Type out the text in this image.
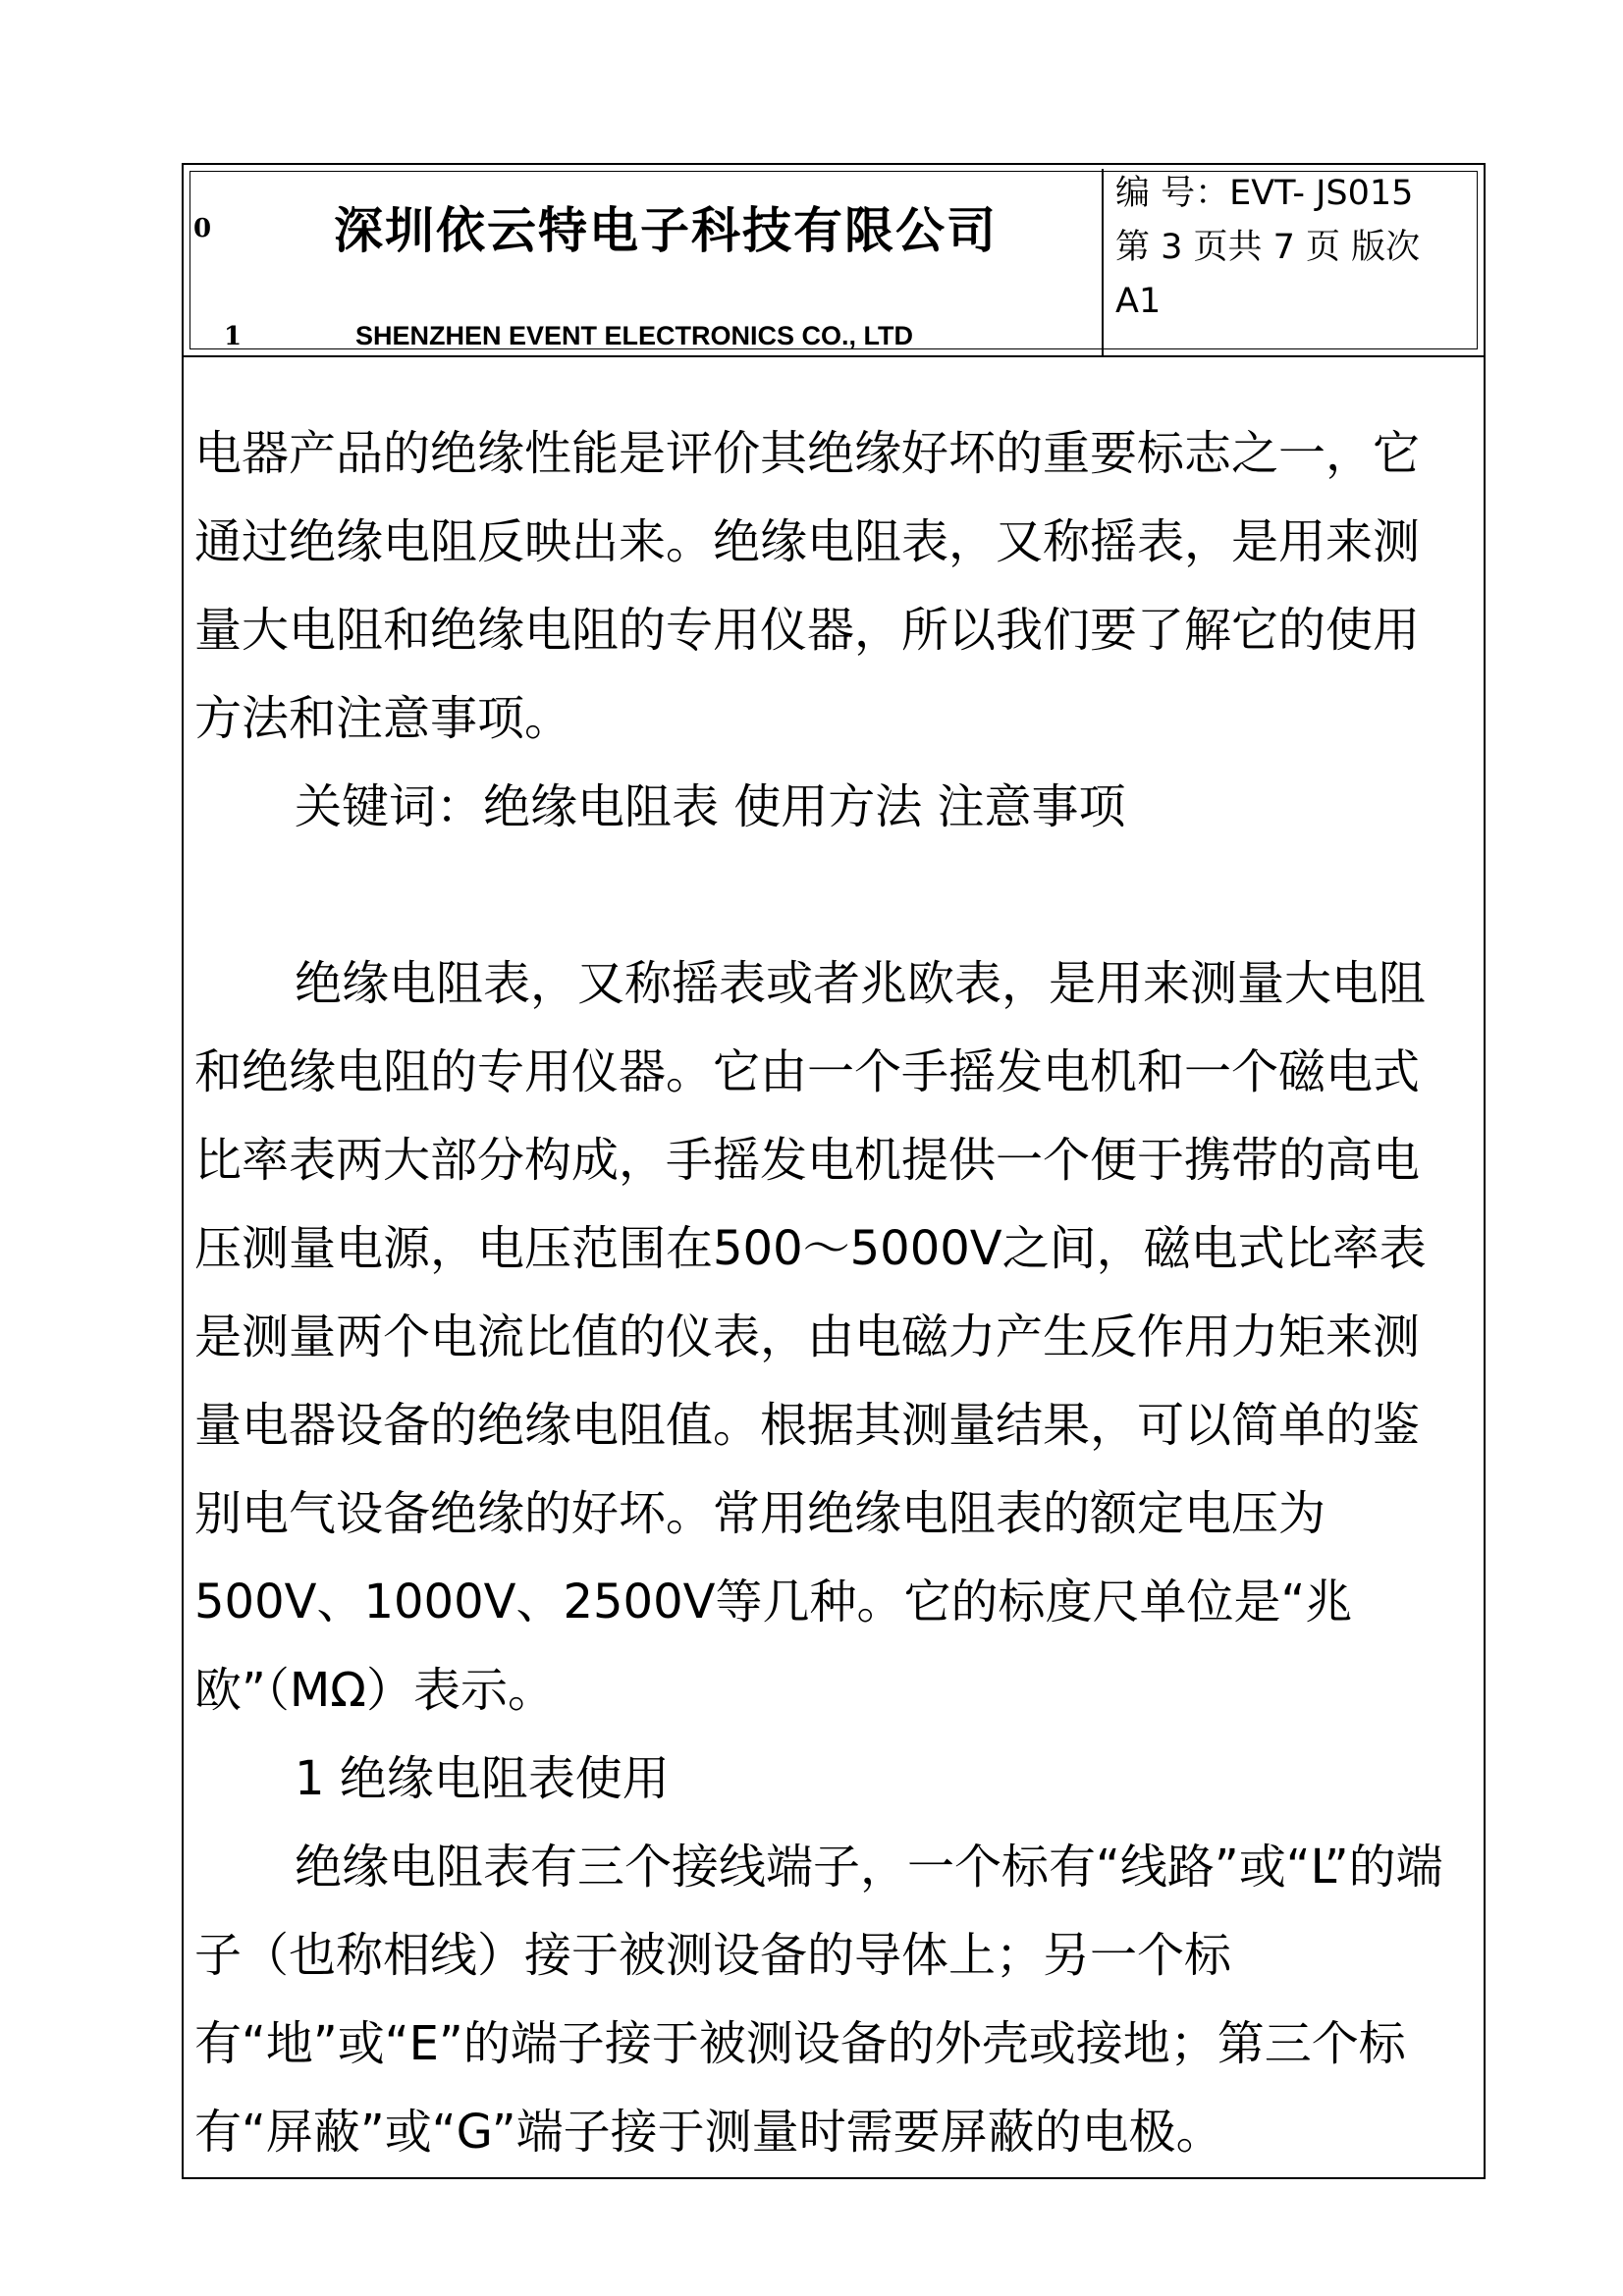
0
1
深圳依云特电子科技有限公司
SHENZHEN EVENT ELECTRONICS CO., LTD
编 号：EVT- JS015
第 3 页共 7 页 版次
A1

电器产品的绝缘性能是评价其绝缘好坏的重要标志之一，它通过绝缘电阻反映出来。绝缘电阻表，又称摇表，是用来测量大电阻和绝缘电阻的专用仪器，所以我们要了解它的使用方法和注意事项。

关键词：绝缘电阻表 使用方法 注意事项

绝缘电阻表，又称摇表或者兆欧表，是用来测量大电阻和绝缘电阻的专用仪器。它由一个手摇发电机和一个磁电式比率表两大部分构成，手摇发电机提供一个便于携带的高电压测量电源，电压范围在500～5000V之间，磁电式比率表是测量两个电流比值的仪表，由电磁力产生反作用力矩来测量电器设备的绝缘电阻值。根据其测量结果，可以简单的鉴别电气设备绝缘的好坏。常用绝缘电阻表的额定电压为500V、1000V、2500V等几种。它的标度尺单位是“兆欧”（MΩ）表示。

1 绝缘电阻表使用

绝缘电阻表有三个接线端子，一个标有“线路”或“L”的端子（也称相线）接于被测设备的导体上；另一个标有“地”或“E”的端子接于被测设备的外壳或接地；第三个标有“屏蔽”或“G”端子接于测量时需要屏蔽的电极。
